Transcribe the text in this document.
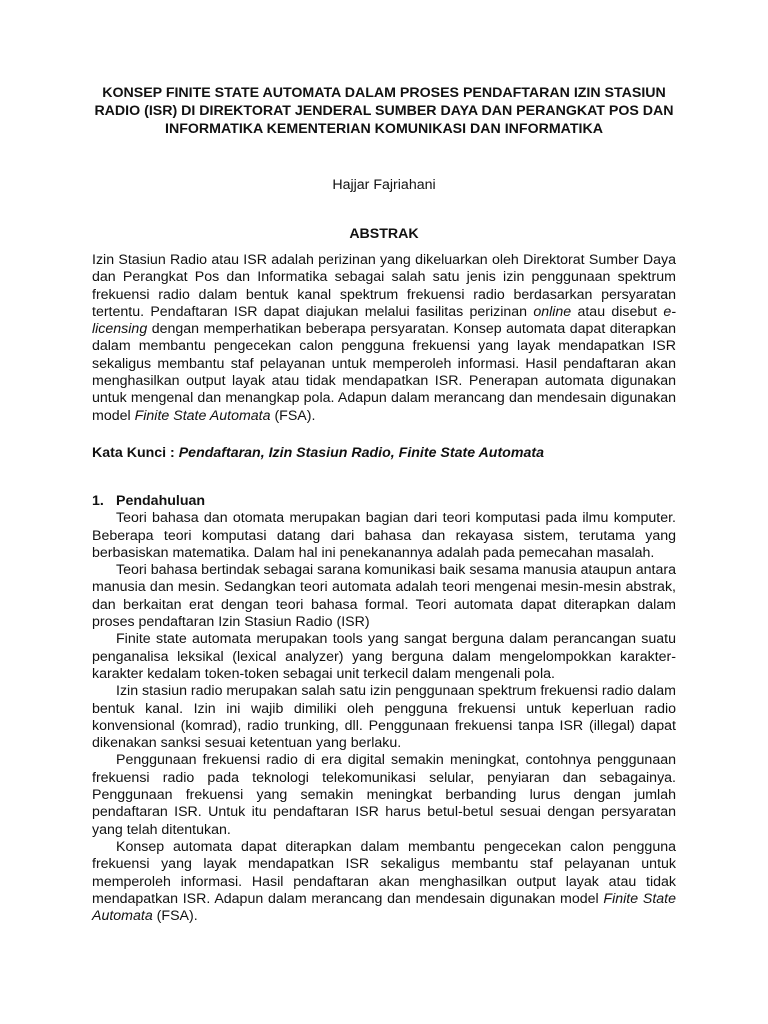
KONSEP FINITE STATE AUTOMATA DALAM PROSES PENDAFTARAN IZIN STASIUN RADIO (ISR) DI DIREKTORAT JENDERAL SUMBER DAYA DAN PERANGKAT POS DAN INFORMATIKA KEMENTERIAN KOMUNIKASI DAN INFORMATIKA
Hajjar Fajriahani
ABSTRAK
Izin Stasiun Radio atau ISR adalah perizinan yang dikeluarkan oleh Direktorat Sumber Daya dan Perangkat Pos dan Informatika sebagai salah satu jenis izin penggunaan spektrum frekuensi radio dalam bentuk kanal spektrum frekuensi radio berdasarkan persyaratan tertentu. Pendaftaran ISR dapat diajukan melalui fasilitas perizinan online atau disebut e-licensing dengan memperhatikan beberapa persyaratan. Konsep automata dapat diterapkan dalam membantu pengecekan calon pengguna frekuensi yang layak mendapatkan ISR sekaligus membantu staf pelayanan untuk memperoleh informasi. Hasil pendaftaran akan menghasilkan output layak atau tidak mendapatkan ISR. Penerapan automata digunakan untuk mengenal dan menangkap pola. Adapun dalam merancang dan mendesain digunakan model Finite State Automata (FSA).
Kata Kunci : Pendaftaran, Izin Stasiun Radio, Finite State Automata
1. Pendahuluan

Teori bahasa dan otomata merupakan bagian dari teori komputasi pada ilmu komputer. Beberapa teori komputasi datang dari bahasa dan rekayasa sistem, terutama yang berbasiskan matematika. Dalam hal ini penekanannya adalah pada pemecahan masalah.

Teori bahasa bertindak sebagai sarana komunikasi baik sesama manusia ataupun antara manusia dan mesin. Sedangkan teori automata adalah teori mengenai mesin-mesin abstrak, dan berkaitan erat dengan teori bahasa formal. Teori automata dapat diterapkan dalam proses pendaftaran Izin Stasiun Radio (ISR)

Finite state automata merupakan tools yang sangat berguna dalam perancangan suatu penganalisa leksikal (lexical analyzer) yang berguna dalam mengelompokkan karakter-karakter kedalam token-token sebagai unit terkecil dalam mengenali pola.

Izin stasiun radio merupakan salah satu izin penggunaan spektrum frekuensi radio dalam bentuk kanal. Izin ini wajib dimiliki oleh pengguna frekuensi untuk keperluan radio konvensional (komrad), radio trunking, dll. Penggunaan frekuensi tanpa ISR (illegal) dapat dikenakan sanksi sesuai ketentuan yang berlaku.

Penggunaan frekuensi radio di era digital semakin meningkat, contohnya penggunaan frekuensi radio pada teknologi telekomunikasi selular, penyiaran dan sebagainya. Penggunaan frekuensi yang semakin meningkat berbanding lurus dengan jumlah pendaftaran ISR. Untuk itu pendaftaran ISR harus betul-betul sesuai dengan persyaratan yang telah ditentukan.

Konsep automata dapat diterapkan dalam membantu pengecekan calon pengguna frekuensi yang layak mendapatkan ISR sekaligus membantu staf pelayanan untuk memperoleh informasi. Hasil pendaftaran akan menghasilkan output layak atau tidak mendapatkan ISR. Adapun dalam merancang dan mendesain digunakan model Finite State Automata (FSA).
